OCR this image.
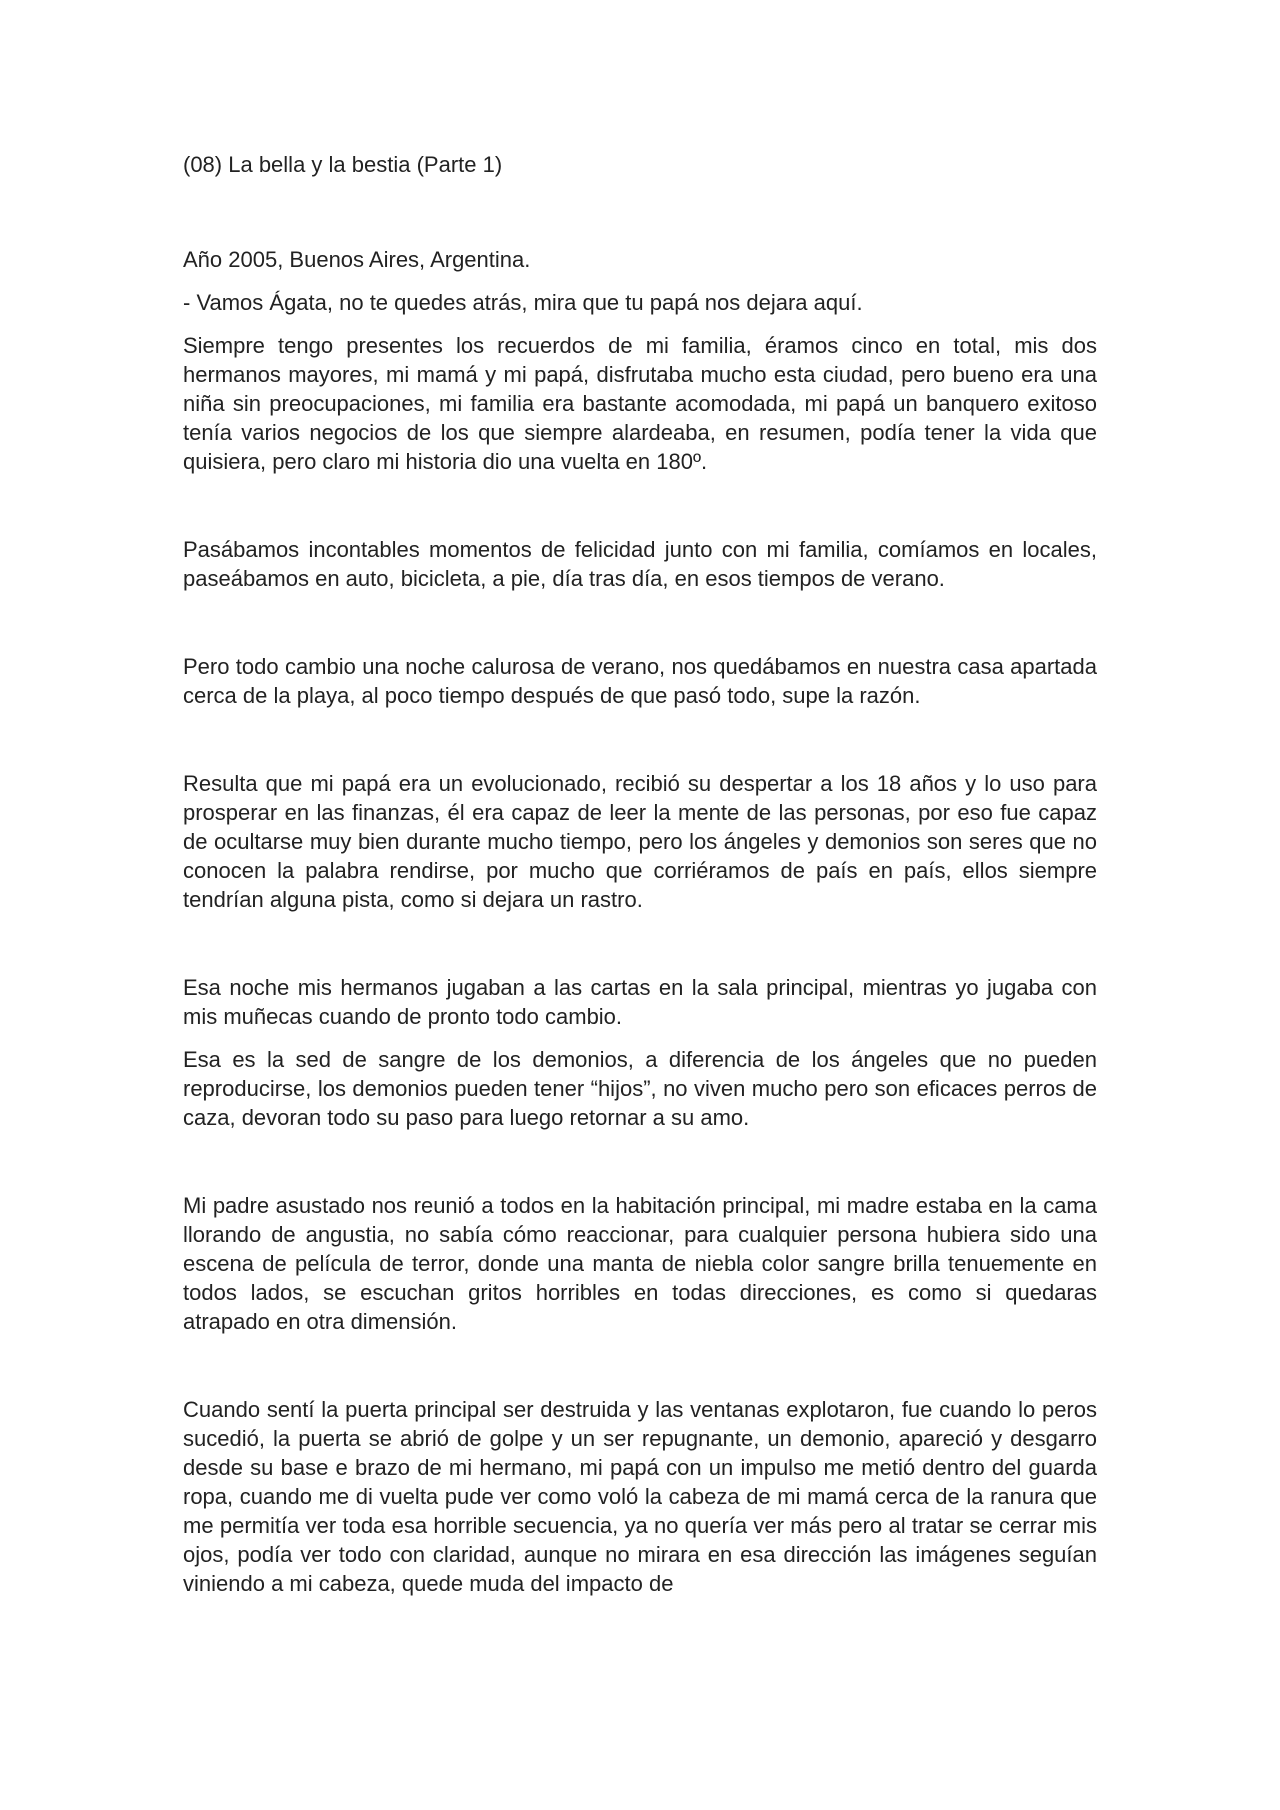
(08) La bella y la bestia (Parte 1)

Año 2005, Buenos Aires, Argentina.

- Vamos Ágata, no te quedes atrás, mira que tu papá nos dejara aquí.

Siempre tengo presentes los recuerdos de mi familia, éramos cinco en total, mis dos hermanos mayores, mi mamá y mi papá, disfrutaba mucho esta ciudad, pero bueno era una niña sin preocupaciones, mi familia era bastante acomodada, mi papá un banquero exitoso tenía varios negocios de los que siempre alardeaba, en resumen, podía tener la vida que quisiera, pero claro mi historia dio una vuelta en 180º.

Pasábamos incontables momentos de felicidad junto con mi familia, comíamos en locales, paseábamos en auto, bicicleta, a pie, día tras día, en esos tiempos de verano.

Pero todo cambio una noche calurosa de verano, nos quedábamos en nuestra casa apartada cerca de la playa, al poco tiempo después de que pasó todo, supe la razón.

Resulta que mi papá era un evolucionado, recibió su despertar a los 18 años y lo uso para prosperar en las finanzas, él era capaz de leer la mente de las personas, por eso fue capaz de ocultarse muy bien durante mucho tiempo, pero los ángeles y demonios son seres que no conocen la palabra rendirse, por mucho que corriéramos de país en país, ellos siempre tendrían alguna pista, como si dejara un rastro.

Esa noche mis hermanos jugaban a las cartas en la sala principal, mientras yo jugaba con mis muñecas cuando de pronto todo cambio.

Esa es la sed de sangre de los demonios, a diferencia de los ángeles que no pueden reproducirse, los demonios pueden tener “hijos”, no viven mucho pero son eficaces perros de caza, devoran todo su paso para luego retornar a su amo.

Mi padre asustado nos reunió a todos en la habitación principal, mi madre estaba en la cama llorando de angustia, no sabía cómo reaccionar, para cualquier persona hubiera sido una escena de película de terror, donde una manta de niebla color sangre brilla tenuemente en todos lados, se escuchan gritos horribles en todas direcciones, es como si quedaras atrapado en otra dimensión.

Cuando sentí la puerta principal ser destruida y las ventanas explotaron, fue cuando lo peros sucedió, la puerta se abrió de golpe y un ser repugnante, un demonio, apareció y desgarro desde su base e brazo de mi hermano, mi papá con un impulso me metió dentro del guarda ropa, cuando me di vuelta pude ver como voló la cabeza de mi mamá cerca de la ranura que me permitía ver toda esa horrible secuencia, ya no quería ver más pero al tratar se cerrar mis ojos, podía ver todo con claridad, aunque no mirara en esa dirección las imágenes seguían viniendo a mi cabeza, quede muda del impacto de
